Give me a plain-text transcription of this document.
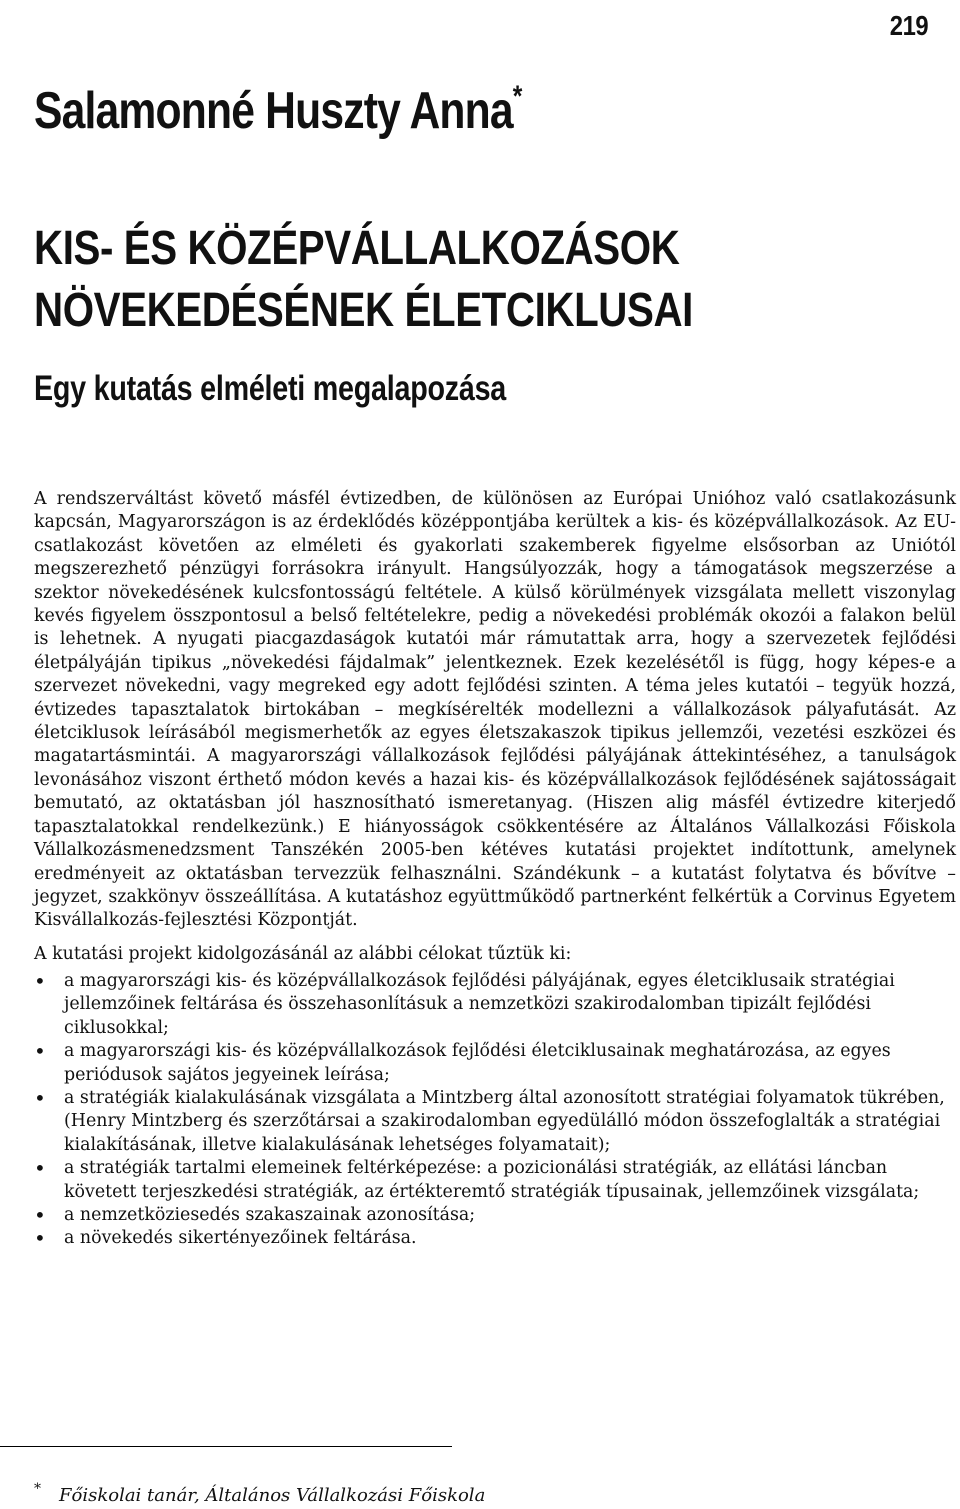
219
Salamonné Huszty Anna*
KIS- ÉS KÖZÉPVÁLLALKOZÁSOK
NÖVEKEDÉSÉNEK ÉLETCIKLUSAI
Egy kutatás elméleti megalapozása

A rendszerváltást követő másfél évtizedben, de különösen az Európai Unióhoz való csatlakozásunk kapcsán, Magyarországon is az érdeklődés középpontjába kerültek a kis- és középvállalkozások. Az EU-csatlakozást követően az elméleti és gyakorlati szakemberek figyelme elsősorban az Uniótól megszerezhető pénzügyi forrásokra irányult. Hangsúlyozzák, hogy a támogatások megszerzése a szektor növekedésének kulcsfontosságú feltétele. A külső körülmények vizsgálata mellett viszonylag kevés figyelem összpontosul a belső feltételekre, pedig a növekedési problémák okozói a falakon belül is lehetnek. A nyugati piacgazdaságok kutatói már rámutattak arra, hogy a szervezetek fejlődési életpályáján tipikus „növekedési fájdalmak” jelentkeznek. Ezek kezelésétől is függ, hogy képes-e a szervezet növekedni, vagy megreked egy adott fejlődési szinten. A téma jeles kutatói – tegyük hozzá, évtizedes tapasztalatok birtokában – megkísérelték modellezni a vállalkozások pályafutását. Az életciklusok leírásából megismerhetők az egyes életszakaszok tipikus jellemzői, vezetési eszközei és magatartásmintái. A magyarországi vállalkozások fejlődési pályájának áttekintéséhez, a tanulságok levonásához viszont érthető módon kevés a hazai kis- és középvállalkozások fejlődésének sajátosságait bemutató, az oktatásban jól hasznosítható ismeretanyag. (Hiszen alig másfél évtizedre kiterjedő tapasztalatokkal rendelkezünk.) E hiányosságok csökkentésére az Általános Vállalkozási Főiskola Vállalkozásmenedzsment Tanszékén 2005-ben kétéves kutatási projektet indítottunk, amelynek eredményeit az oktatásban tervezzük felhasználni. Szándékunk – a kutatást folytatva és bővítve – jegyzet, szakkönyv összeállítása. A kutatáshoz együttműködő partnerként felkértük a Corvinus Egyetem Kisvállalkozás-fejlesztési Központját.

A kutatási projekt kidolgozásánál az alábbi célokat tűztük ki:

• a magyarországi kis- és középvállalkozások fejlődési pályájának, egyes életciklusaik stratégiai jellemzőinek feltárása és összehasonlításuk a nemzetközi szakirodalomban tipizált fejlődési ciklusokkal;
• a magyarországi kis- és középvállalkozások fejlődési életciklusainak meghatározása, az egyes periódusok sajátos jegyeinek leírása;
• a stratégiák kialakulásának vizsgálata a Mintzberg által azonosított stratégiai folyamatok tükrében, (Henry Mintzberg és szerzőtársai a szakirodalomban egyedülálló módon összefoglalták a stratégiai kialakításának, illetve kialakulásának lehetséges folyamatait);
• a stratégiák tartalmi elemeinek feltérképezése: a pozicionálási stratégiák, az ellátási láncban követett terjeszkedési stratégiák, az értékteremtő stratégiák típusainak, jellemzőinek vizsgálata;
• a nemzetköziesedés szakaszainak azonosítása;
• a növekedés sikertényezőinek feltárása.
* Főiskolai tanár, Általános Vállalkozási Főiskola
